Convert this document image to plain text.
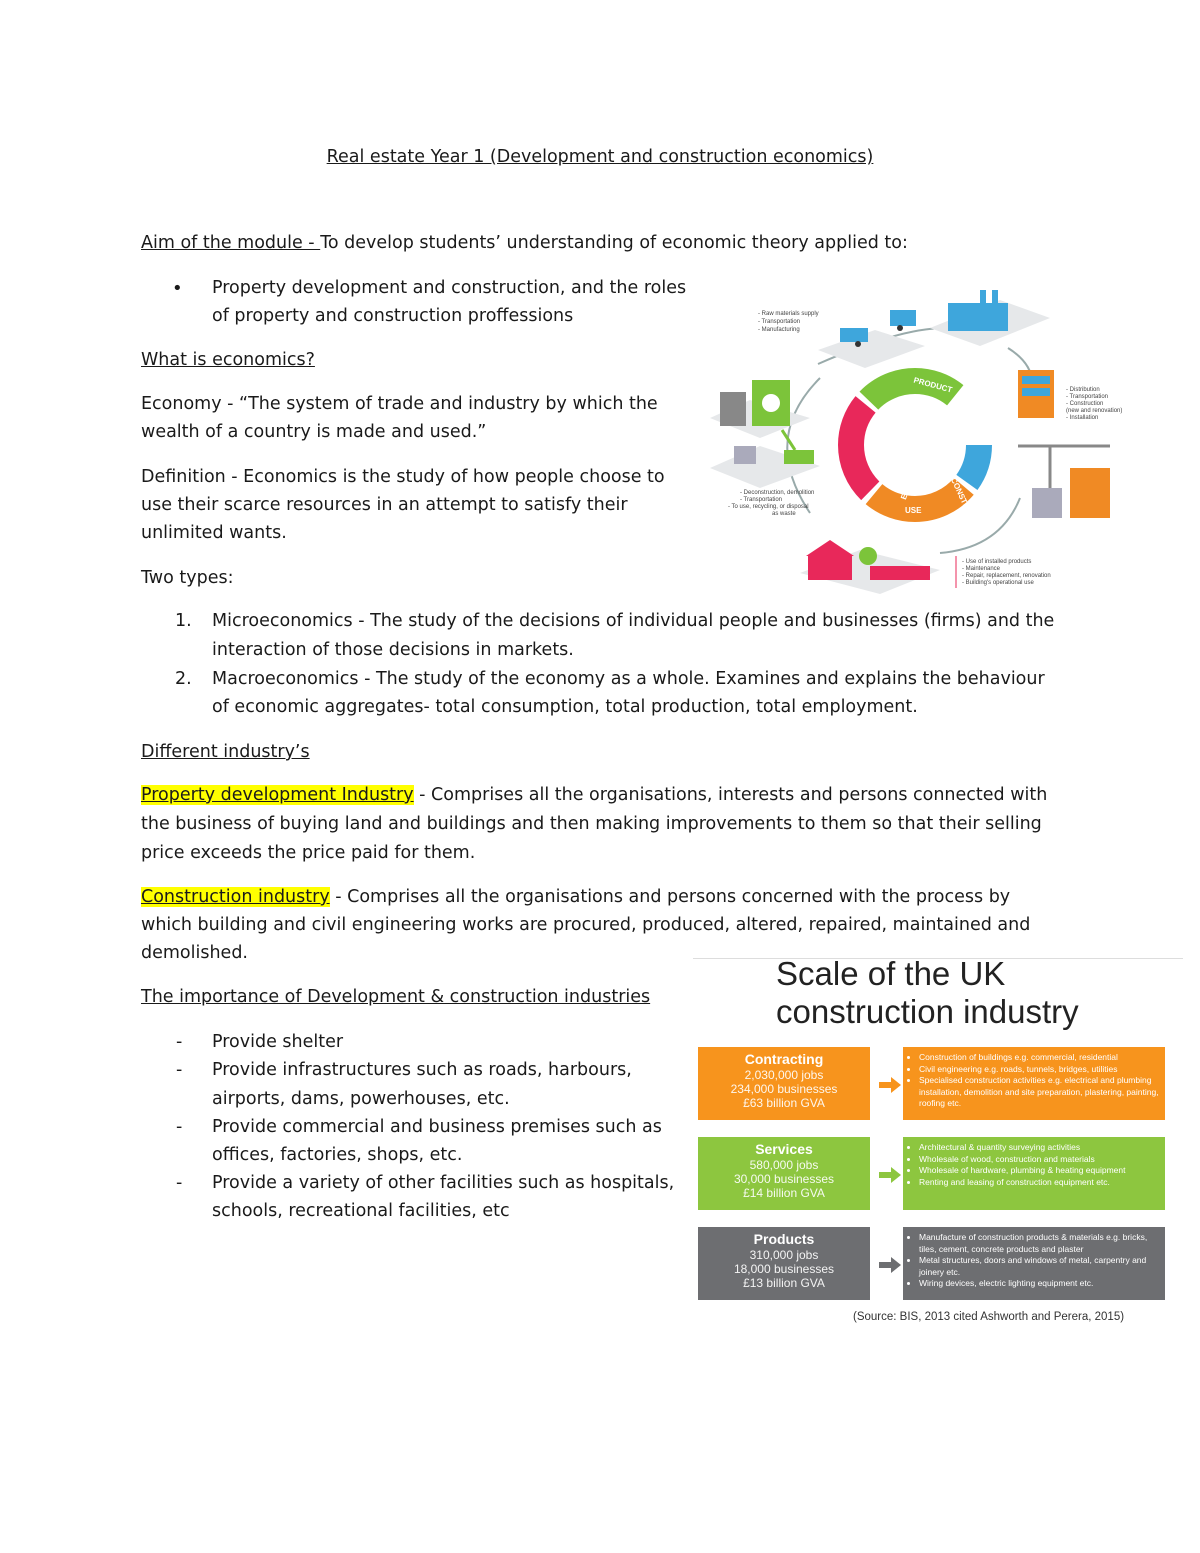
Real estate Year 1 (Development and construction economics)
Aim of the module - To develop students’ understanding of economic theory applied to:
• Property development and construction, and the roles
of property and construction proffessions
What is economics?
Economy - “The system of trade and industry by which the
wealth of a country is made and used.”
Definition - Economics is the study of how people choose to
use their scarce resources in an attempt to satisfy their
unlimited wants.
Two types:
1. Microeconomics - The study of the decisions of individual people and businesses (firms) and the
interaction of those decisions in markets.
2. Macroeconomics - The study of the economy as a whole. Examines and explains the behaviour
of economic aggregates- total consumption, total production, total employment.
Different industry’s
Property development Industry - Comprises all the organisations, interests and persons connected with
the business of buying land and buildings and then making improvements to them so that their selling
price exceeds the price paid for them.
Construction industry - Comprises all the organisations and persons concerned with the process by
which building and civil engineering works are procured, produced, altered, repaired, maintained and
demolished.
The importance of Development & construction industries
- Provide shelter
- Provide infrastructures such as roads, harbours,
airports, dams, powerhouses, etc.
- Provide commercial and business premises such as
offices, factories, shops, etc.
- Provide a variety of other facilities such as hospitals,
schools, recreational facilities, etc
PRODUCT
CONSTRUCTION
USE
END OF LIFE
- Raw materials supply
- Transportation
- Manufacturing
- Distribution
- Transportation
- Construction
(new and renovation)
- Installation
- Deconstruction, demolition
- Transportation
- To use, recycling, or disposal
as waste
- Use of installed products
- Maintenance
- Repair, replacement, renovation
- Building's operational use
Scale of the UK
construction industry
Contracting
2,030,000 jobs
234,000 businesses
£63 billion GVA
• Construction of buildings e.g. commercial, residential
• Civil engineering e.g. roads, tunnels, bridges, utilities
• Specialised construction activities e.g. electrical and plumbing installation, demolition and site preparation, plastering, painting, roofing etc.
Services
580,000 jobs
30,000 businesses
£14 billion GVA
• Architectural & quantity surveying activities
• Wholesale of wood, construction and materials
• Wholesale of hardware, plumbing & heating equipment
• Renting and leasing of construction equipment etc.
Products
310,000 jobs
18,000 businesses
£13 billion GVA
• Manufacture of construction products & materials e.g. bricks, tiles, cement, concrete products and plaster
• Metal structures, doors and windows of metal, carpentry and joinery etc.
• Wiring devices, electric lighting equipment etc.
(Source: BIS, 2013 cited Ashworth and Perera, 2015)
